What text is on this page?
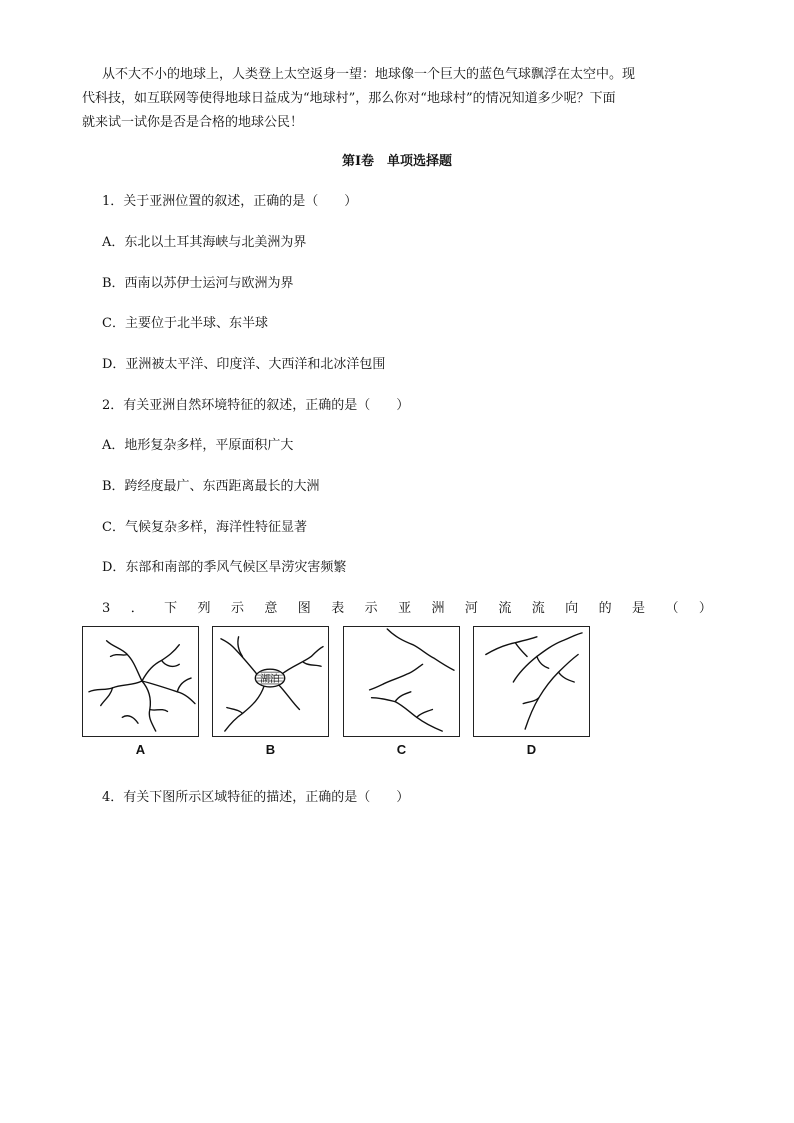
从不大不小的地球上，人类登上太空返身一望：地球像一个巨大的蓝色气球飘浮在太空中。现
代科技，如互联网等使得地球日益成为“地球村”，那么你对“地球村”的情况知道多少呢？下面
就来试一试你是否是合格的地球公民！
第Ⅰ卷　单项选择题
1．关于亚洲位置的叙述，正确的是（　　）
A．东北以土耳其海峡与北美洲为界
B．西南以苏伊士运河与欧洲为界
C．主要位于北半球、东半球
D．亚洲被太平洋、印度洋、大西洋和北冰洋包围
2．有关亚洲自然环境特征的叙述，正确的是（　　）
A．地形复杂多样，平原面积广大
B．跨经度最广、东西距离最长的大洲
C．气候复杂多样，海洋性特征显著
D．东部和南部的季风气候区旱涝灾害频繁
3 ． 下 列 示 意 图 表 示 亚 洲 河 流 流 向 的 是 （ ）
A
湖泊
B	C	D
4．有关下图所示区域特征的描述，正确的是（　　）
